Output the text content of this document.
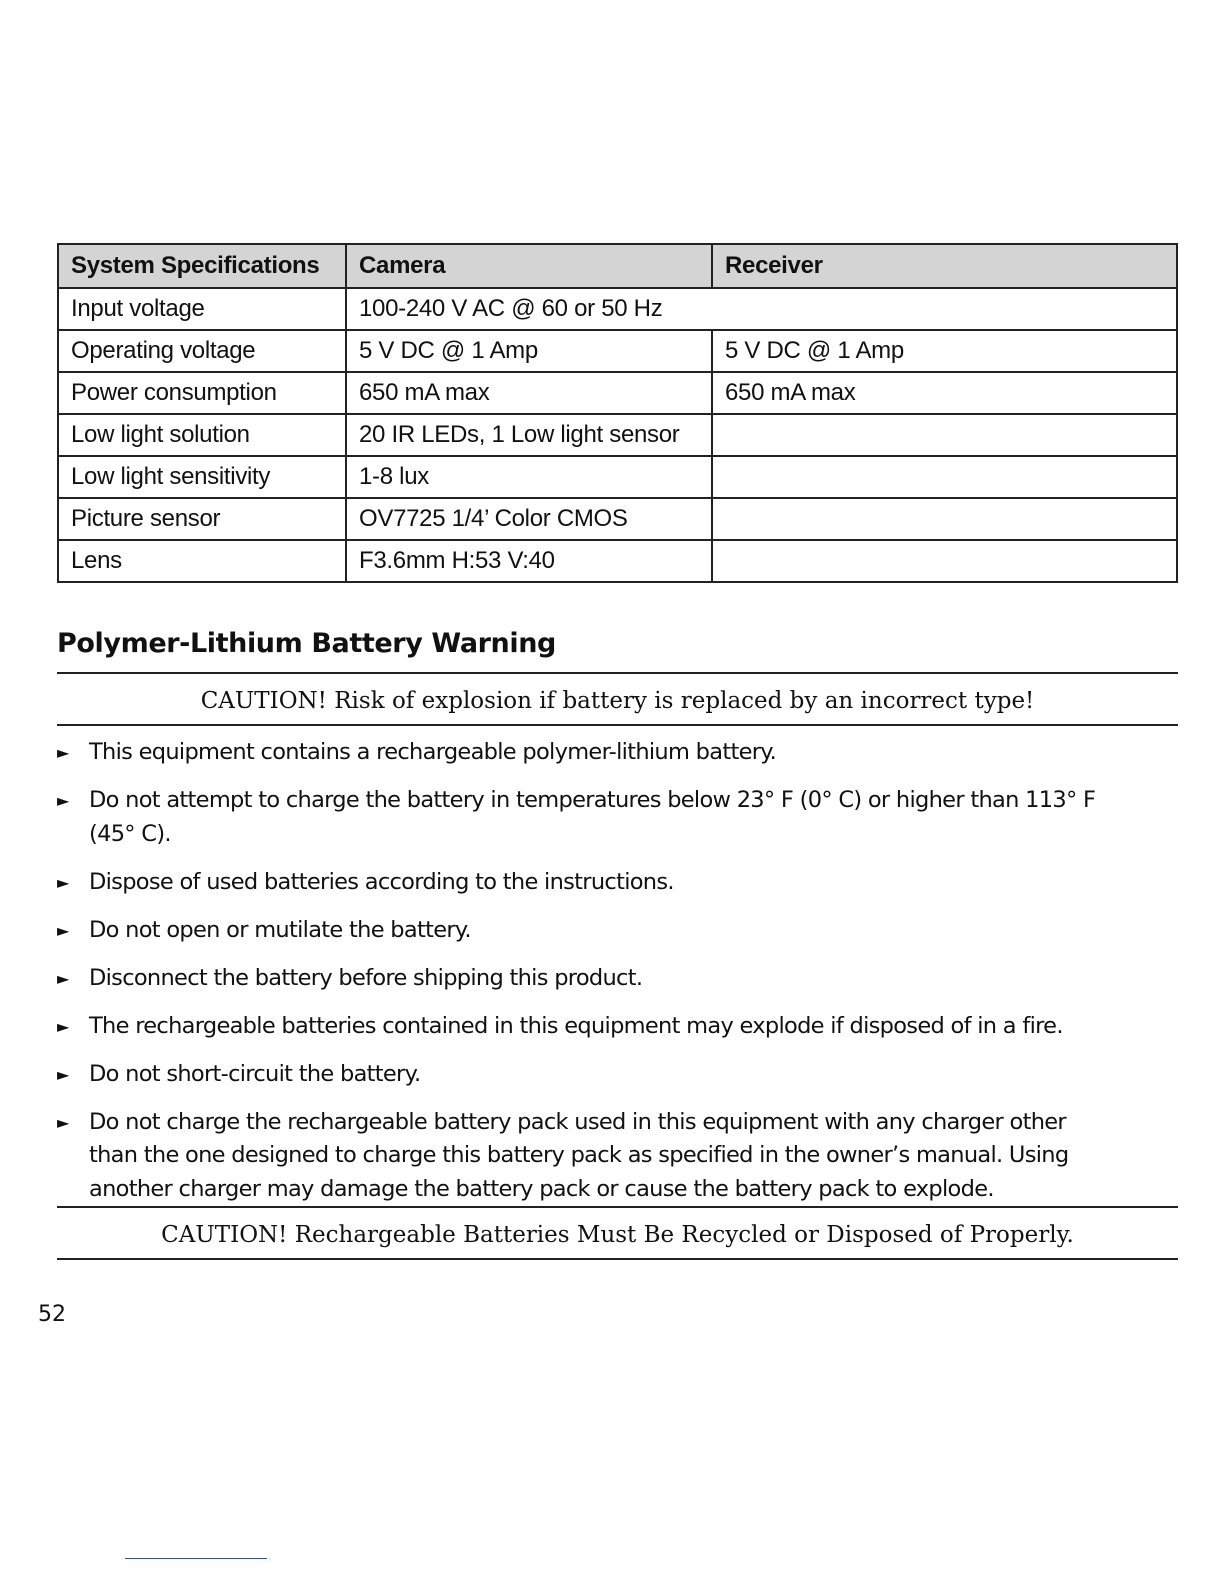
System Specifications	Camera	Receiver
Input voltage	100-240 V AC @ 60 or 50 Hz	
Operating voltage	5 V DC @ 1 Amp	5 V DC @ 1 Amp
Power consumption	650 mA max	650 mA max
Low light solution	20 IR LEDs, 1 Low light sensor	
Low light sensitivity	1-8 lux	
Picture sensor	OV7725 1/4’ Color CMOS	
Lens	F3.6mm H:53 V:40	
Polymer-Lithium Battery Warning
CAUTION! Risk of explosion if battery is replaced by an incorrect type!
► This equipment contains a rechargeable polymer-lithium battery.
► Do not attempt to charge the battery in temperatures below 23° F (0° C) or higher than 113° F
(45° C).
► Dispose of used batteries according to the instructions.
► Do not open or mutilate the battery.
► Disconnect the battery before shipping this product.
► The rechargeable batteries contained in this equipment may explode if disposed of in a fire.
► Do not short-circuit the battery.
► Do not charge the rechargeable battery pack used in this equipment with any charger other
than the one designed to charge this battery pack as specified in the owner’s manual. Using
another charger may damage the battery pack or cause the battery pack to explode.
CAUTION! Rechargeable Batteries Must Be Recycled or Disposed of Properly.
52
